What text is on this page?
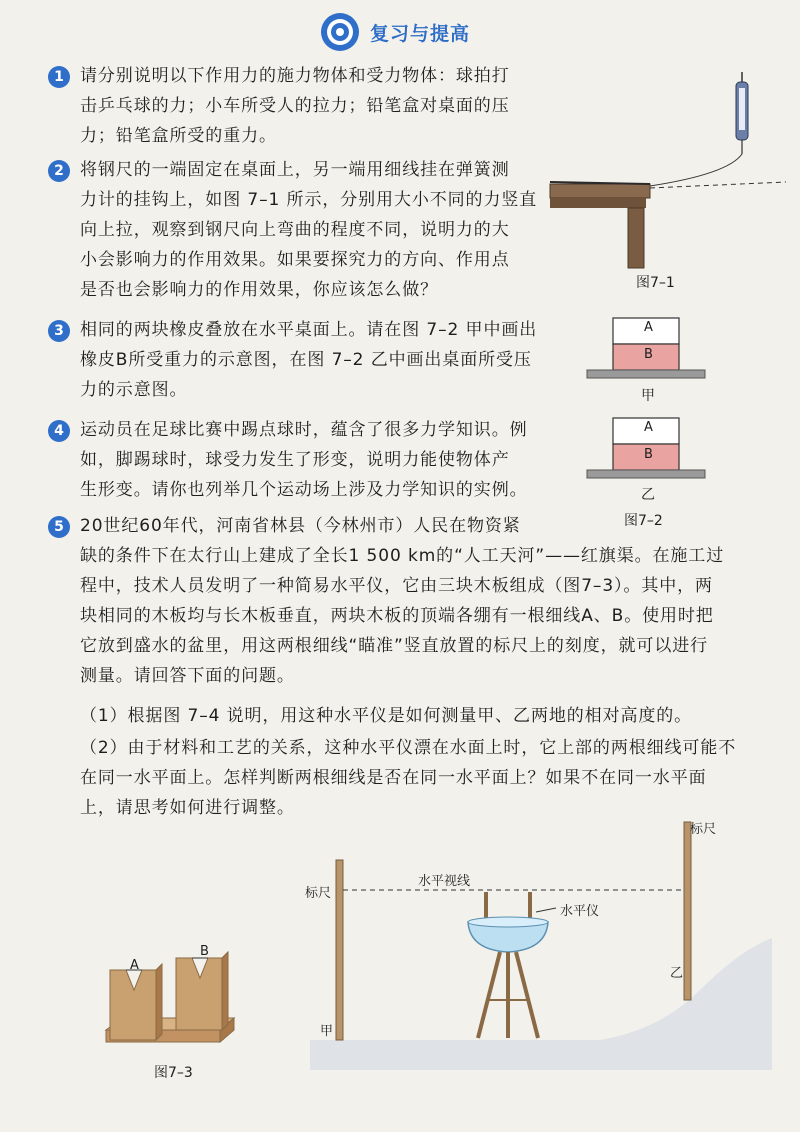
复习与提高
1 请分别说明以下作用力的施力物体和受力物体：球拍打
击乒乓球的力；小车所受人的拉力；铅笔盒对桌面的压
力；铅笔盒所受的重力。
2 将钢尺的一端固定在桌面上，另一端用细线挂在弹簧测
力计的挂钩上，如图 7–1 所示，分别用大小不同的力竖直
向上拉，观察到钢尺向上弯曲的程度不同，说明力的大
小会影响力的作用效果。如果要探究力的方向、作用点
是否也会影响力的作用效果，你应该怎么做？
3 相同的两块橡皮叠放在水平桌面上。请在图 7–2 甲中画出
橡皮B所受重力的示意图，在图 7–2 乙中画出桌面所受压
力的示意图。
4 运动员在足球比赛中踢点球时，蕴含了很多力学知识。例
如，脚踢球时，球受力发生了形变，说明力能使物体产
生形变。请你也列举几个运动场上涉及力学知识的实例。
5 20世纪60年代，河南省林县（今林州市）人民在物资紧
缺的条件下在太行山上建成了全长1 500 km的“人工天河”——红旗渠。在施工过
程中，技术人员发明了一种简易水平仪，它由三块木板组成（图7–3）。其中，两
块相同的木板均与长木板垂直，两块木板的顶端各绷有一根细线A、B。使用时把
它放到盛水的盆里，用这两根细线“瞄准”竖直放置的标尺上的刻度，就可以进行
测量。请回答下面的问题。
（1）根据图 7–4 说明，用这种水平仪是如何测量甲、乙两地的相对高度的。
（2）由于材料和工艺的关系，这种水平仪漂在水面上时，它上部的两根细线可能不
在同一水平面上。怎样判断两根细线是否在同一水平面上？如果不在同一水平面
上，请思考如何进行调整。
图7–1
A
B
甲
A
B
乙
图7–2
A
B
图7–3
标尺
标尺
水平视线
水平仪
甲
乙
